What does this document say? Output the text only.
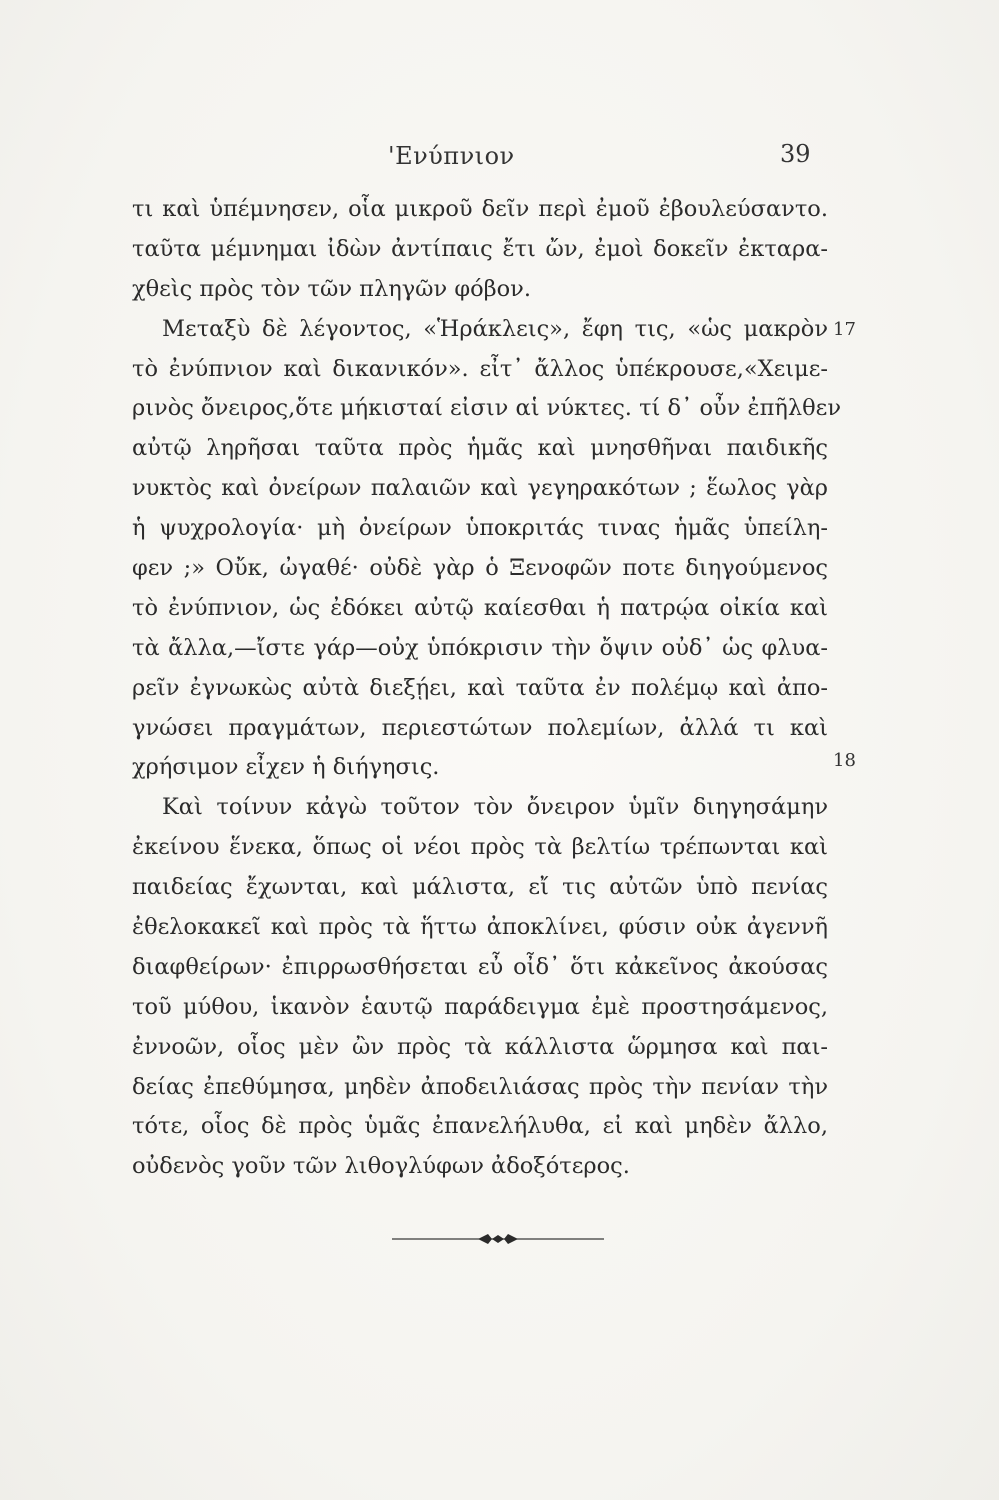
'Ενύπνιον	39
τι καὶ ὑπέμνησεν, οἷα μικροῦ δεῖν περὶ ἐμοῦ ἐβουλεύσαντο.
ταῦτα μέμνημαι ἰδὼν ἀντίπαις ἔτι ὤν, ἐμοὶ δοκεῖν ἐκταρα-
χθεὶς πρὸς τὸν τῶν πληγῶν φόβον.
Μεταξὺ δὲ λέγοντος, «Ἡράκλεις», ἔφη τις, «ὡς μακρὸν
τὸ ἐνύπνιον καὶ δικανικόν». εἶτ᾽ ἄλλος ὑπέκρουσε,«Χειμε-
ρινὸς ὄνειρος,ὅτε μήκισταί εἰσιν αἱ νύκτες. τί δ᾽ οὖν ἐπῆλθεν
αὐτῷ ληρῆσαι ταῦτα πρὸς ἡμᾶς καὶ μνησθῆναι παιδικῆς
νυκτὸς καὶ ὀνείρων παλαιῶν καὶ γεγηρακότων ; ἕωλος γὰρ
ἡ ψυχρολογία· μὴ ὀνείρων ὑποκριτάς τινας ἡμᾶς ὑπείλη-
φεν ;» Οὔκ, ὠγαθέ· οὐδὲ γὰρ ὁ Ξενοφῶν ποτε διηγούμενος
τὸ ἐνύπνιον, ὡς ἐδόκει αὐτῷ καίεσθαι ἡ πατρῴα οἰκία καὶ
τὰ ἄλλα,—ἴστε γάρ—οὐχ ὑπόκρισιν τὴν ὄψιν οὐδ᾽ ὡς φλυα-
ρεῖν ἐγνωκὼς αὐτὰ διεξῄει, καὶ ταῦτα ἐν πολέμῳ καὶ ἀπο-
γνώσει πραγμάτων, περιεστώτων πολεμίων, ἀλλά τι καὶ
χρήσιμον εἶχεν ἡ διήγησις.
Καὶ τοίνυν κἀγὼ τοῦτον τὸν ὄνειρον ὑμῖν διηγησάμην
ἐκείνου ἕνεκα, ὅπως οἱ νέοι πρὸς τὰ βελτίω τρέπωνται καὶ
παιδείας ἔχωνται, καὶ μάλιστα, εἴ τις αὐτῶν ὑπὸ πενίας
ἐθελοκακεῖ καὶ πρὸς τὰ ἥττω ἀποκλίνει, φύσιν οὐκ ἀγεννῆ
διαφθείρων· ἐπιρρωσθήσεται εὖ οἶδ᾽ ὅτι κἀκεῖνος ἀκούσας
τοῦ μύθου, ἱκανὸν ἑαυτῷ παράδειγμα ἐμὲ προστησάμενος,
ἐννοῶν, οἷος μὲν ὢν πρὸς τὰ κάλλιστα ὥρμησα καὶ παι-
δείας ἐπεθύμησα, μηδὲν ἀποδειλιάσας πρὸς τὴν πενίαν τὴν
τότε, οἷος δὲ πρὸς ὑμᾶς ἐπανελήλυθα, εἰ καὶ μηδὲν ἄλλο,
οὐδενὸς γοῦν τῶν λιθογλύφων ἀδοξότερος.
17
18
